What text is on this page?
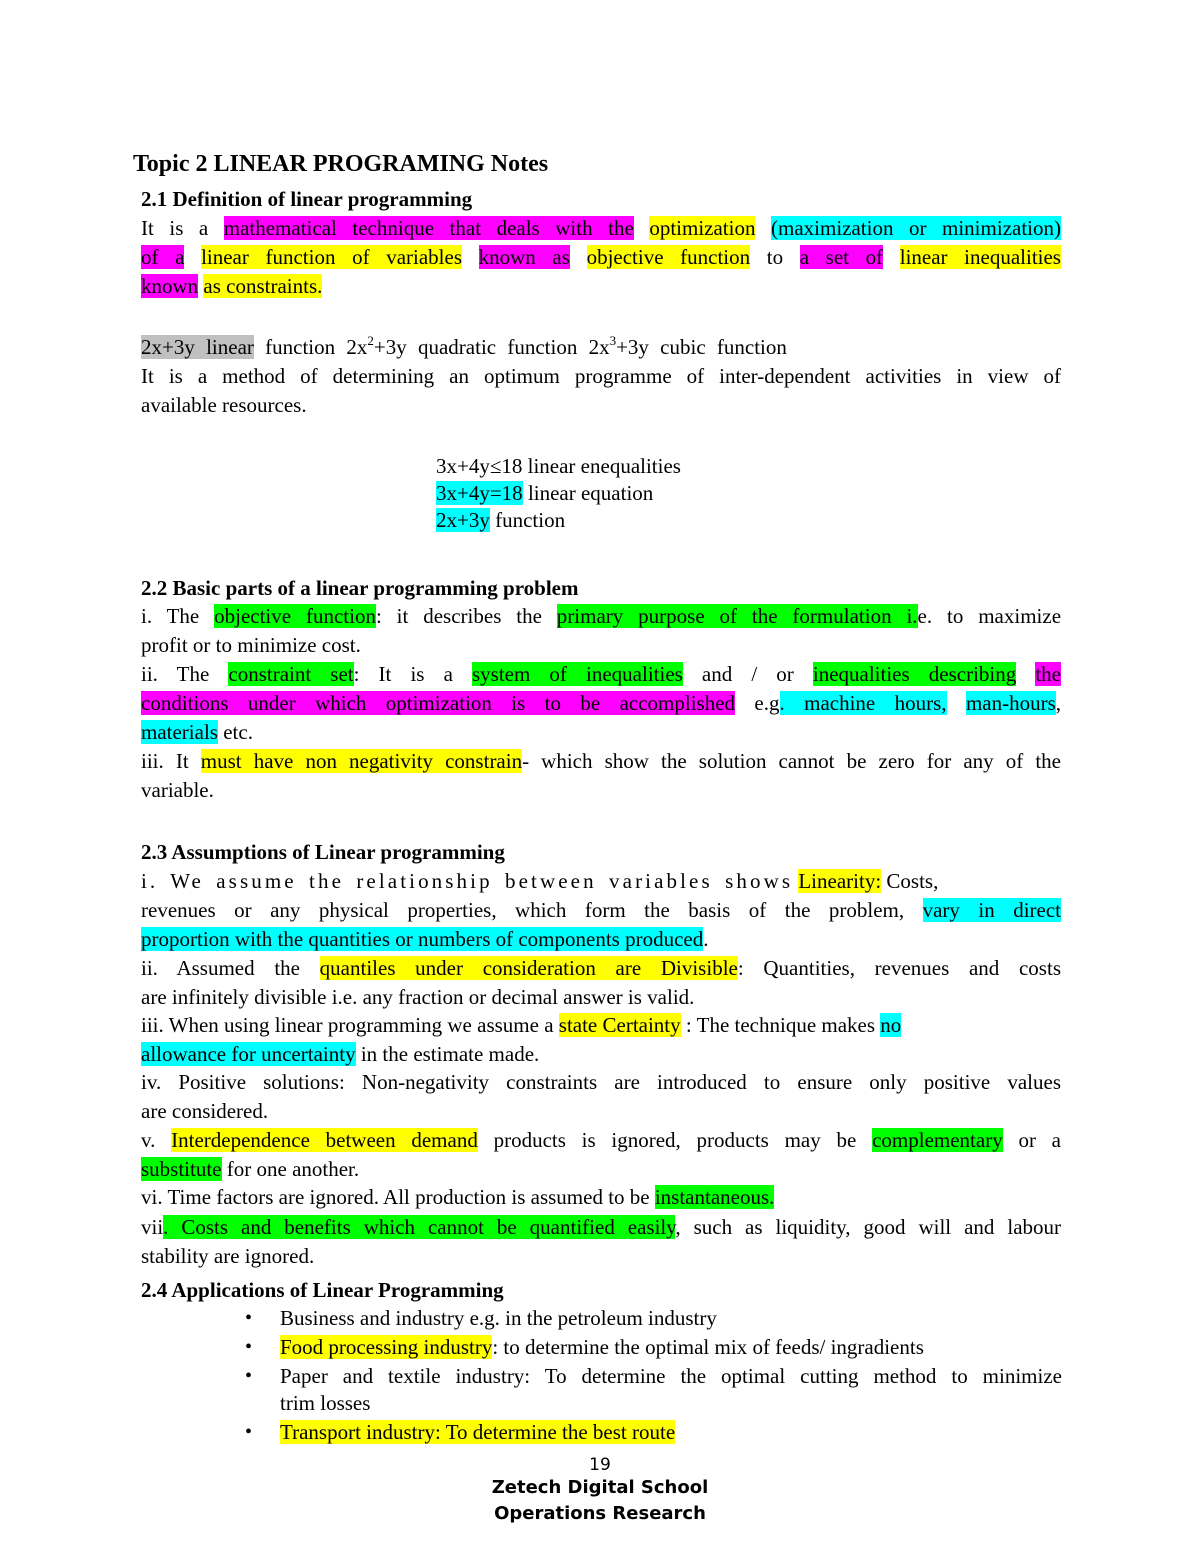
Topic 2 LINEAR PROGRAMING Notes
2.1 Definition of linear programming
It is a mathematical technique that deals with the optimization (maximization or minimization)
of a linear function of variables known as objective function to a set of linear inequalities
known as constraints.
2x+3y linear function $2x^2+3y$ quadratic function $2x^3+3y$ cubic function
It is a method of determining an optimum programme of inter-dependent activities in view of
available resources.
3x+4y≤18 linear enequalities
3x+4y=18 linear equation
2x+3y function
2.2 Basic parts of a linear programming problem
i. The objective function: it describes the primary purpose of the formulation i.e. to maximize
profit or to minimize cost.
ii. The constraint set: It is a system of inequalities and / or inequalities describing the
conditions under which optimization is to be accomplished e.g. machine hours, man-hours,
materials etc.
iii. It must have non negativity constrain- which show the solution cannot be zero for any of the
variable.
2.3 Assumptions of Linear programming
i. We assume the relationship between variables shows Linearity: Costs,
revenues or any physical properties, which form the basis of the problem, vary in direct
proportion with the quantities or numbers of components produced.
ii. Assumed the quantiles under consideration are Divisible: Quantities, revenues and costs
are infinitely divisible i.e. any fraction or decimal answer is valid.
iii. When using linear programming we assume a state Certainty : The technique makes no
allowance for uncertainty in the estimate made.
iv. Positive solutions: Non-negativity constraints are introduced to ensure only positive values
are considered.
v. Interdependence between demand products is ignored, products may be complementary or a
substitute for one another.
vi. Time factors are ignored. All production is assumed to be instantaneous.
vii. Costs and benefits which cannot be quantified easily, such as liquidity, good will and labour
stability are ignored.
2.4 Applications of Linear Programming
• Business and industry e.g. in the petroleum industry
• Food processing industry: to determine the optimal mix of feeds/ ingradients
• Paper and textile industry: To determine the optimal cutting method to minimize
trim losses
• Transport industry: To determine the best route
19
Zetech Digital School
Operations Research
